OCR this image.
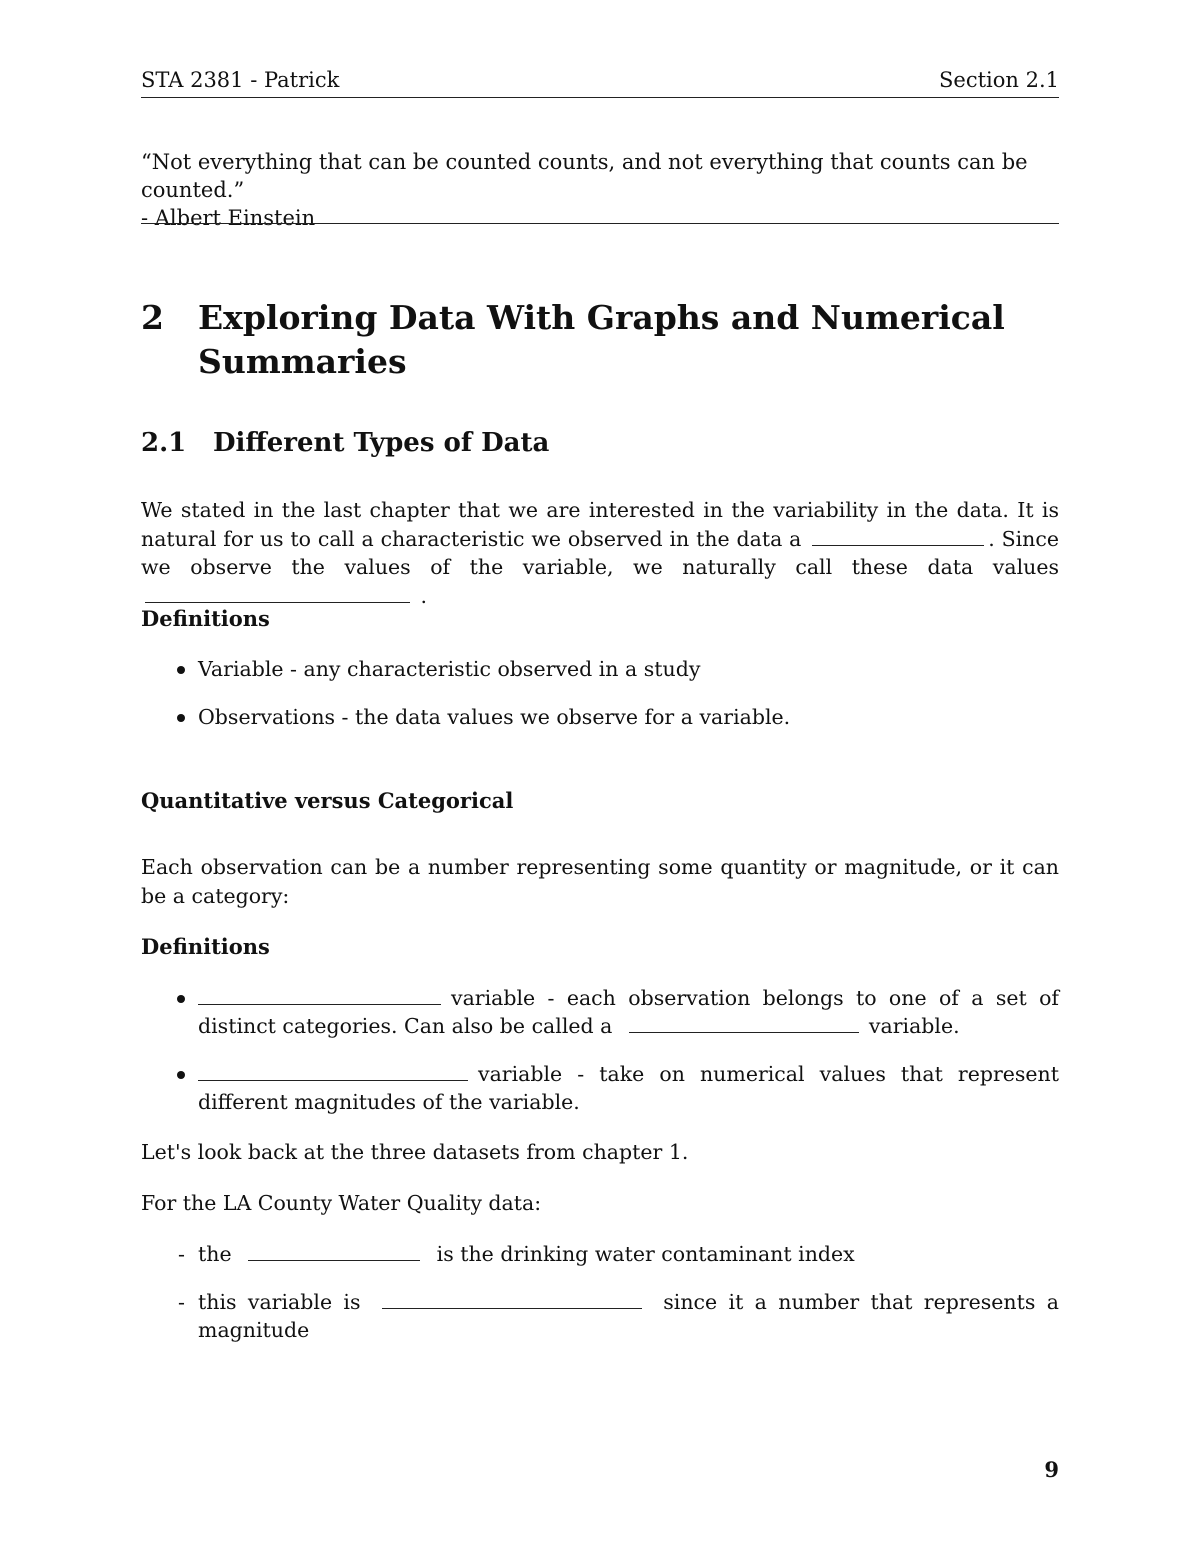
STA 2381 - Patrick	Section 2.1
“Not everything that can be counted counts, and not everything that counts can be counted.”
- Albert Einstein
2 Exploring Data With Graphs and Numerical Summaries
2.1 Different Types of Data

We stated in the last chapter that we are interested in the variability in the data. It is natural for us to call a characteristic we observed in the data a	. Since we observe the values of the variable, we naturally call these data values  .

Definitions
Variable - any characteristic observed in a study
Observations - the data values we observe for a variable.
Quantitative versus Categorical

Each observation can be a number representing some quantity or magnitude, or it can be a category:

Definitions
variable - each observation belongs to one of a set of distinct categories. Can also be called a	variable.
variable - take on numerical values that represent different magnitudes of the variable.

Let's look back at the three datasets from chapter 1.

For the LA County Water Quality data:

- the	is the drinking water contaminant index
- this variable is	since it a number that represents a magnitude
9
